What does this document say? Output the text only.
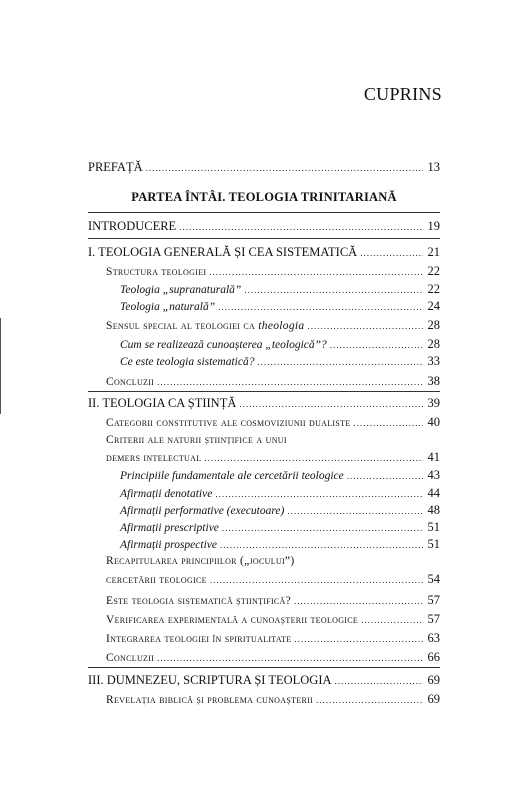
CUPRINS
PREFAȚĂ .....	13
PARTEA ÎNTÂI. TEOLOGIA TRINITARIANĂ
INTRODUCERE .....	19
I. TEOLOGIA GENERALĂ ȘI CEA SISTEMATICĂ .....	21
Structura teologiei .....	22
Teologia „supranaturală” .....	22
Teologia „naturală” .....	24
Sensul special al teologiei ca theologia .....	28
Cum se realizează cunoașterea „teologică”? .....	28
Ce este teologia sistematică? .....	33
Concluzii .....	38
II. TEOLOGIA CA ȘTIINȚĂ .....	39
Categorii constitutive ale cosmoviziunii dualiste .....	40
Criterii ale naturii științifice a unui
demers intelectual .....	41
Principiile fundamentale ale cercetării teologice .....	43
Afirmații denotative .....	44
Afirmații performative (executoare) .....	48
Afirmații prescriptive .....	51
Afirmații prospective .....	51
Recapitularea principiilor („jocului”)
cercetării teologice .....	54
Este teologia sistematică științifică? .....	57
Verificarea experimentală a cunoașterii teologice .....	57
Integrarea teologiei în spiritualitate .....	63
Concluzii .....	66
III. DUMNEZEU, SCRIPTURA ȘI TEOLOGIA .....	69
Revelația biblică și problema cunoașterii .....	69
